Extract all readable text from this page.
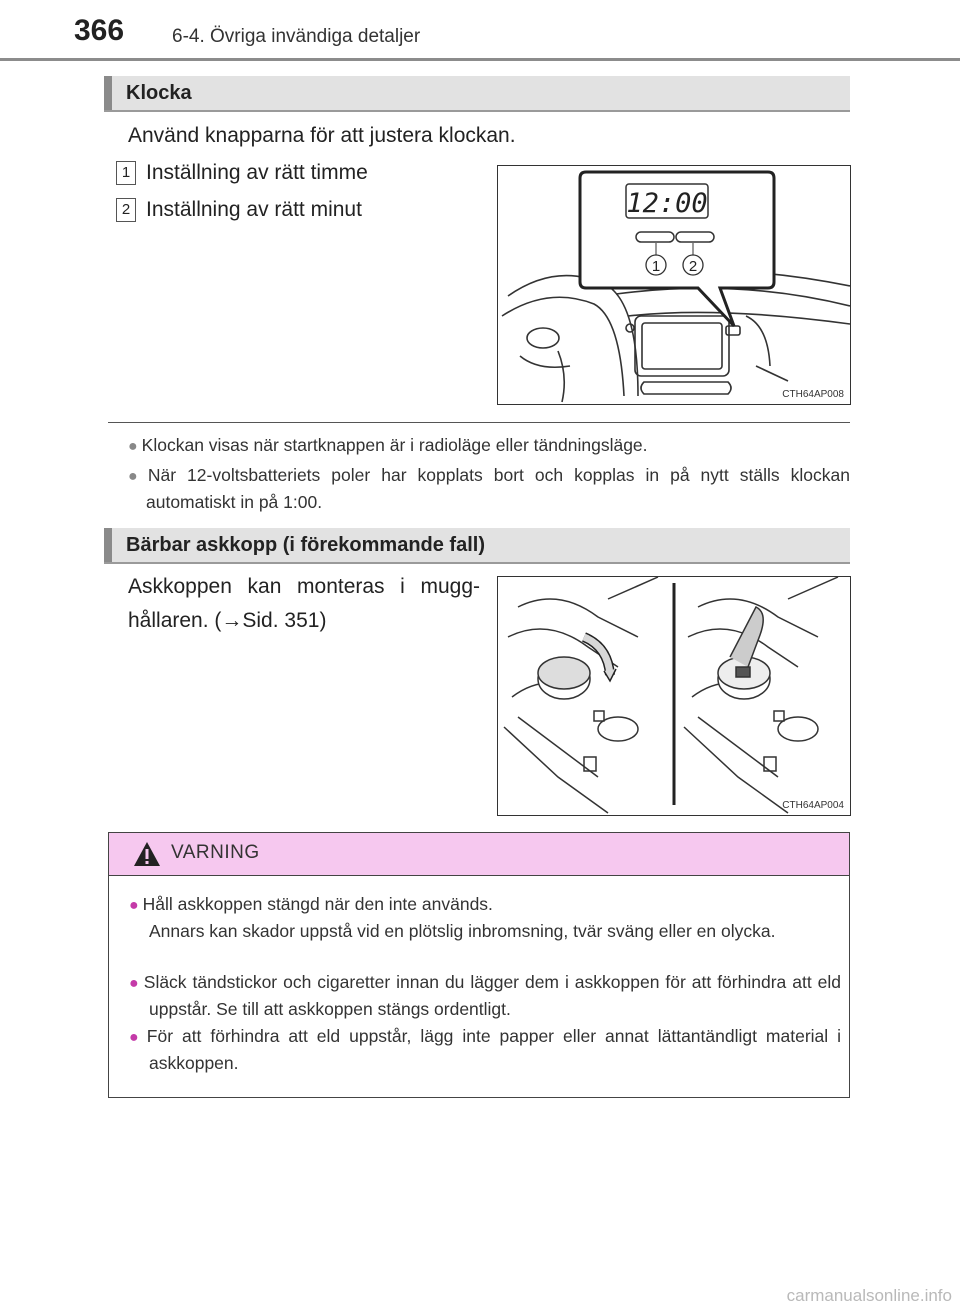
366	6-4. Övriga invändiga detaljer
Klocka
Använd knapparna för att justera klockan.
1 Inställning av rätt timme
2 Inställning av rätt minut	12:00
1 2
CTH64AP008
● Klockan visas när startknappen är i radioläge eller tändningsläge.
● När 12-voltsbatteriets poler har kopplats bort och kopplas in på nytt ställs klockan automatiskt in på 1:00.
Bärbar askkopp (i förekommande fall)
Askkoppen kan monteras i mugg-hållaren. (→Sid. 351)
CTH64AP004
VARNING
● Håll askkoppen stängd när den inte används.
Annars kan skador uppstå vid en plötslig inbromsning, tvär sväng eller en olycka.
● Släck tändstickor och cigaretter innan du lägger dem i askkoppen för att förhindra att eld uppstår. Se till att askkoppen stängs ordentligt.
● För att förhindra att eld uppstår, lägg inte papper eller annat lättantändligt material i askkoppen.
carmanualsonline.info
